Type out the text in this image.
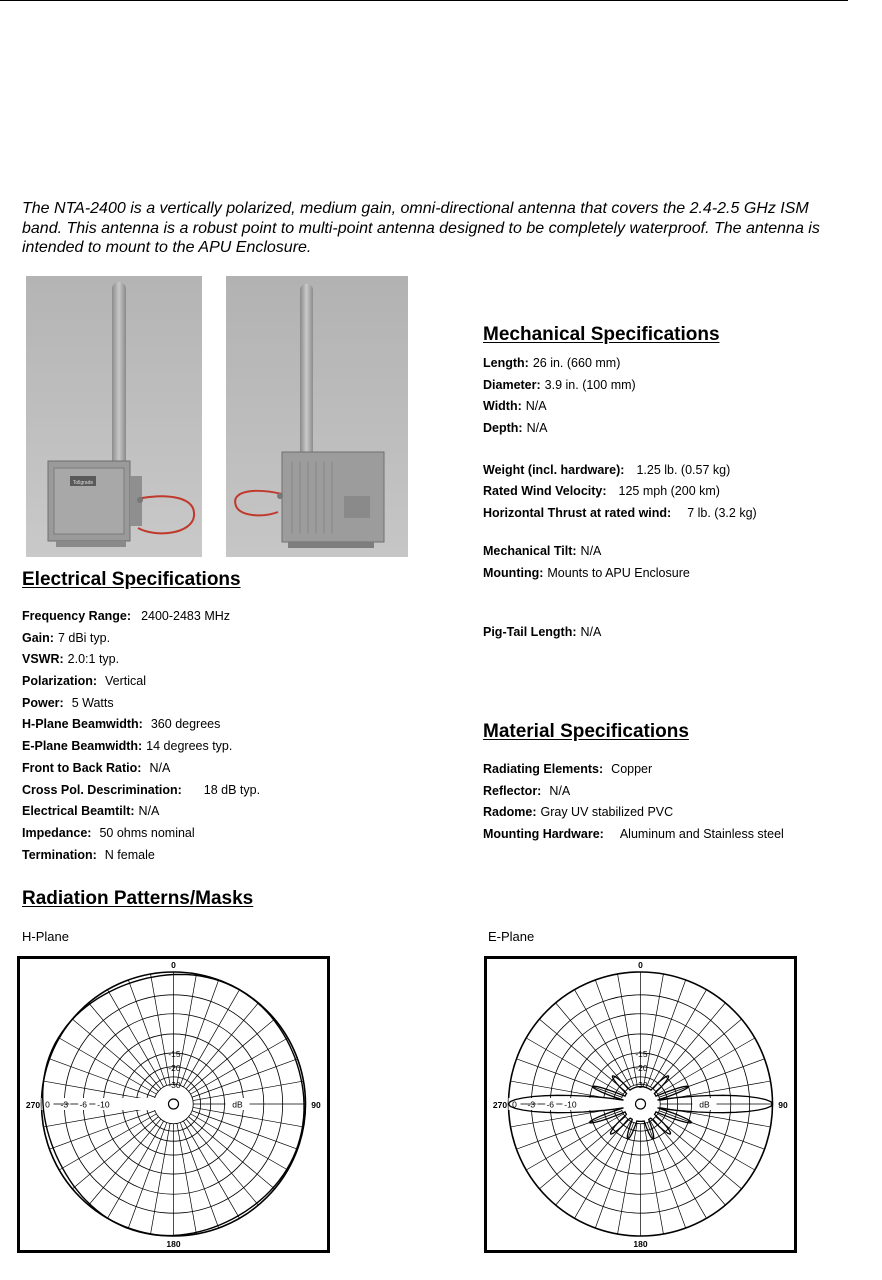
The NTA-2400 is a vertically polarized, medium gain, omni-directional antenna that covers the 2.4-2.5 GHz ISM band. This antenna is a robust point to multi-point antenna designed to be completely waterproof. The antenna is intended to mount to the APU Enclosure.

Tollgrade
Mechanical Specifications
Length: 26 in. (660 mm)
Diameter: 3.9 in. (100 mm)
Width: N/A
Depth: N/A
Weight (incl. hardware): 1.25 lb. (0.57 kg)
Rated Wind Velocity: 125 mph (200 km)
Horizontal Thrust at rated wind: 7 lb. (3.2 kg)
Mechanical Tilt: N/A
Mounting: Mounts to APU Enclosure
Pig-Tail Length: N/A
Electrical Specifications
Frequency Range: 2400-2483 MHz
Gain: 7 dBi typ.
VSWR: 2.0:1 typ.
Polarization: Vertical
Power: 5 Watts
H-Plane Beamwidth: 360 degrees
E-Plane Beamwidth: 14 degrees typ.
Front to Back Ratio: N/A
Cross Pol. Descrimination: 18 dB typ.
Electrical Beamtilt: N/A
Impedance: 50 ohms nominal
Termination: N female
Material Specifications
Radiating Elements: Copper
Reflector: N/A
Radome: Gray UV stabilized PVC
Mounting Hardware: Aluminum and Stainless steel
Radiation Patterns/Masks

H-Plane	E-Plane

0 -3 -6 -10
-15
-20
-30
dB
0
90
180
270	0 -3 -6 -10
-15
-20
-30
dB
0
90
180
270
